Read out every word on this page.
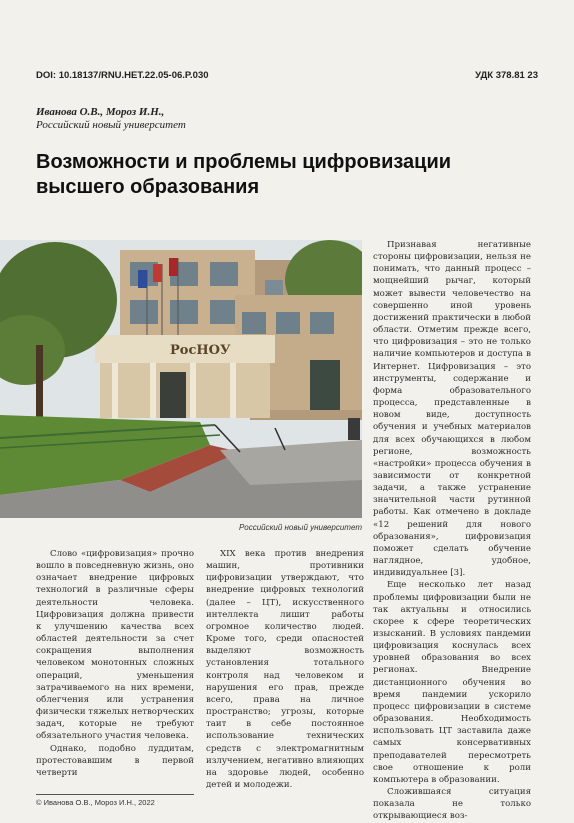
DOI: 10.18137/RNU.HET.22.05-06.P.030	УДК 378.81 23
Иванова О.В., Мороз И.Н.,
Российский новый университет
Возможности и проблемы цифровизации
высшего образования
РосНОУ
Российский новый университет

Признавая негативные стороны цифровизации, нельзя не понимать, что данный процесс – мощнейший рычаг, который может вывести человечество на совершенно иной уровень достижений практически в любой области. Отметим прежде всего, что цифровизация – это не только наличие компьютеров и доступа в Интернет. Цифровизация – это инструменты, содержание и форма образовательного процесса, представленные в новом виде, доступность обучения и учебных материалов для всех обучающихся в любом регионе, возможность «настройки» процесса обучения в зависимости от конкретной задачи, а также устранение значительной части рутинной работы. Как отмечено в докладе «12 решений для нового образования», цифровизация поможет сделать обучение наглядное, удобное, индивидуальнее [3].

Еще несколько лет назад проблемы цифровизации были не так актуальны и относились скорее к сфере теоретических изысканий. В условиях пандемии цифровизация коснулась всех уровней образования во всех регионах. Внедрение дистанционного обучения во время пандемии ускорило процесс цифровизации в системе образования. Необходимость использовать ЦТ заставила даже самых консервативных преподавателей пересмотреть свое отношение к роли компьютера в образовании.

Сложившаяся ситуация показала не только открывающиеся воз-

Слово «цифровизация» прочно вошло в повседневную жизнь, оно означает внедрение цифровых технологий в различные сферы деятельности человека. Цифровизация должна привести к улучшению качества всех областей деятельности за счет сокращения выполнения человеком монотонных сложных операций, уменьшения затрачиваемого на них времени, облегчения или устранения физически тяжелых нетворческих задач, которые не требуют обязательного участия человека.

Однако, подобно луддитам, протестовавшим в первой четверти

XIX века против внедрения машин, противники цифровизации утверждают, что внедрение цифровых технологий (далее – ЦТ), искусственного интеллекта лишит работы огромное количество людей. Кроме того, среди опасностей выделяют возможность установления тотального контроля над человеком и нарушения его прав, прежде всего, права на личное пространство; угрозы, которые таит в себе постоянное использование технических средств с электромагнитным излучением, негативно влияющих на здоровье людей, особенно детей и молодежи.

© Иванова О.В., Мороз И.Н., 2022
